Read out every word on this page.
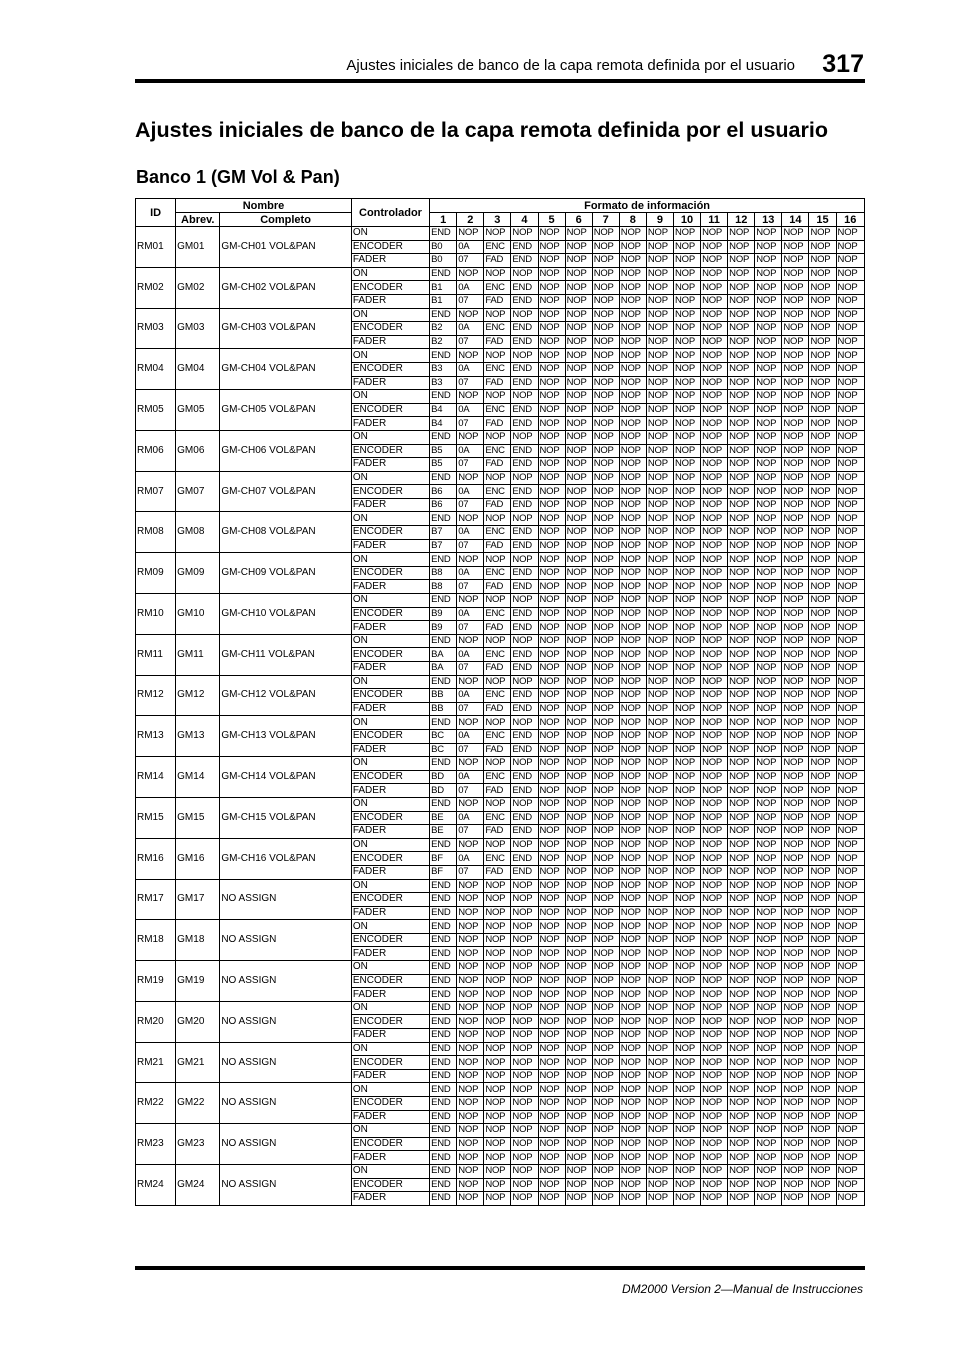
Ajustes iniciales de banco de la capa remota definida por el usuario	317
Ajustes iniciales de banco de la capa remota definida por el usuario
Banco 1 (GM Vol & Pan)
ID	Nombre		Controlador	Formato de información															
	Abrev.	Completo		1	2	3	4	5	6	7	8	9	10	11	12	13	14	15	16
RM01	GM01	GM-CH01 VOL&PAN	ON	END	NOP	NOP	NOP	NOP	NOP	NOP	NOP	NOP	NOP	NOP	NOP	NOP	NOP	NOP	NOP
			ENCODER	B0	0A	ENC	END	NOP	NOP	NOP	NOP	NOP	NOP	NOP	NOP	NOP	NOP	NOP	NOP
			FADER	B0	07	FAD	END	NOP	NOP	NOP	NOP	NOP	NOP	NOP	NOP	NOP	NOP	NOP	NOP
RM02	GM02	GM-CH02 VOL&PAN	ON	END	NOP	NOP	NOP	NOP	NOP	NOP	NOP	NOP	NOP	NOP	NOP	NOP	NOP	NOP	NOP
			ENCODER	B1	0A	ENC	END	NOP	NOP	NOP	NOP	NOP	NOP	NOP	NOP	NOP	NOP	NOP	NOP
			FADER	B1	07	FAD	END	NOP	NOP	NOP	NOP	NOP	NOP	NOP	NOP	NOP	NOP	NOP	NOP
RM03	GM03	GM-CH03 VOL&PAN	ON	END	NOP	NOP	NOP	NOP	NOP	NOP	NOP	NOP	NOP	NOP	NOP	NOP	NOP	NOP	NOP
			ENCODER	B2	0A	ENC	END	NOP	NOP	NOP	NOP	NOP	NOP	NOP	NOP	NOP	NOP	NOP	NOP
			FADER	B2	07	FAD	END	NOP	NOP	NOP	NOP	NOP	NOP	NOP	NOP	NOP	NOP	NOP	NOP
RM04	GM04	GM-CH04 VOL&PAN	ON	END	NOP	NOP	NOP	NOP	NOP	NOP	NOP	NOP	NOP	NOP	NOP	NOP	NOP	NOP	NOP
			ENCODER	B3	0A	ENC	END	NOP	NOP	NOP	NOP	NOP	NOP	NOP	NOP	NOP	NOP	NOP	NOP
			FADER	B3	07	FAD	END	NOP	NOP	NOP	NOP	NOP	NOP	NOP	NOP	NOP	NOP	NOP	NOP
RM05	GM05	GM-CH05 VOL&PAN	ON	END	NOP	NOP	NOP	NOP	NOP	NOP	NOP	NOP	NOP	NOP	NOP	NOP	NOP	NOP	NOP
			ENCODER	B4	0A	ENC	END	NOP	NOP	NOP	NOP	NOP	NOP	NOP	NOP	NOP	NOP	NOP	NOP
			FADER	B4	07	FAD	END	NOP	NOP	NOP	NOP	NOP	NOP	NOP	NOP	NOP	NOP	NOP	NOP
RM06	GM06	GM-CH06 VOL&PAN	ON	END	NOP	NOP	NOP	NOP	NOP	NOP	NOP	NOP	NOP	NOP	NOP	NOP	NOP	NOP	NOP
			ENCODER	B5	0A	ENC	END	NOP	NOP	NOP	NOP	NOP	NOP	NOP	NOP	NOP	NOP	NOP	NOP
			FADER	B5	07	FAD	END	NOP	NOP	NOP	NOP	NOP	NOP	NOP	NOP	NOP	NOP	NOP	NOP
RM07	GM07	GM-CH07 VOL&PAN	ON	END	NOP	NOP	NOP	NOP	NOP	NOP	NOP	NOP	NOP	NOP	NOP	NOP	NOP	NOP	NOP
			ENCODER	B6	0A	ENC	END	NOP	NOP	NOP	NOP	NOP	NOP	NOP	NOP	NOP	NOP	NOP	NOP
			FADER	B6	07	FAD	END	NOP	NOP	NOP	NOP	NOP	NOP	NOP	NOP	NOP	NOP	NOP	NOP
RM08	GM08	GM-CH08 VOL&PAN	ON	END	NOP	NOP	NOP	NOP	NOP	NOP	NOP	NOP	NOP	NOP	NOP	NOP	NOP	NOP	NOP
			ENCODER	B7	0A	ENC	END	NOP	NOP	NOP	NOP	NOP	NOP	NOP	NOP	NOP	NOP	NOP	NOP
			FADER	B7	07	FAD	END	NOP	NOP	NOP	NOP	NOP	NOP	NOP	NOP	NOP	NOP	NOP	NOP
RM09	GM09	GM-CH09 VOL&PAN	ON	END	NOP	NOP	NOP	NOP	NOP	NOP	NOP	NOP	NOP	NOP	NOP	NOP	NOP	NOP	NOP
			ENCODER	B8	0A	ENC	END	NOP	NOP	NOP	NOP	NOP	NOP	NOP	NOP	NOP	NOP	NOP	NOP
			FADER	B8	07	FAD	END	NOP	NOP	NOP	NOP	NOP	NOP	NOP	NOP	NOP	NOP	NOP	NOP
RM10	GM10	GM-CH10 VOL&PAN	ON	END	NOP	NOP	NOP	NOP	NOP	NOP	NOP	NOP	NOP	NOP	NOP	NOP	NOP	NOP	NOP
			ENCODER	B9	0A	ENC	END	NOP	NOP	NOP	NOP	NOP	NOP	NOP	NOP	NOP	NOP	NOP	NOP
			FADER	B9	07	FAD	END	NOP	NOP	NOP	NOP	NOP	NOP	NOP	NOP	NOP	NOP	NOP	NOP
RM11	GM11	GM-CH11 VOL&PAN	ON	END	NOP	NOP	NOP	NOP	NOP	NOP	NOP	NOP	NOP	NOP	NOP	NOP	NOP	NOP	NOP
			ENCODER	BA	0A	ENC	END	NOP	NOP	NOP	NOP	NOP	NOP	NOP	NOP	NOP	NOP	NOP	NOP
			FADER	BA	07	FAD	END	NOP	NOP	NOP	NOP	NOP	NOP	NOP	NOP	NOP	NOP	NOP	NOP
RM12	GM12	GM-CH12 VOL&PAN	ON	END	NOP	NOP	NOP	NOP	NOP	NOP	NOP	NOP	NOP	NOP	NOP	NOP	NOP	NOP	NOP
			ENCODER	BB	0A	ENC	END	NOP	NOP	NOP	NOP	NOP	NOP	NOP	NOP	NOP	NOP	NOP	NOP
			FADER	BB	07	FAD	END	NOP	NOP	NOP	NOP	NOP	NOP	NOP	NOP	NOP	NOP	NOP	NOP
RM13	GM13	GM-CH13 VOL&PAN	ON	END	NOP	NOP	NOP	NOP	NOP	NOP	NOP	NOP	NOP	NOP	NOP	NOP	NOP	NOP	NOP
			ENCODER	BC	0A	ENC	END	NOP	NOP	NOP	NOP	NOP	NOP	NOP	NOP	NOP	NOP	NOP	NOP
			FADER	BC	07	FAD	END	NOP	NOP	NOP	NOP	NOP	NOP	NOP	NOP	NOP	NOP	NOP	NOP
RM14	GM14	GM-CH14 VOL&PAN	ON	END	NOP	NOP	NOP	NOP	NOP	NOP	NOP	NOP	NOP	NOP	NOP	NOP	NOP	NOP	NOP
			ENCODER	BD	0A	ENC	END	NOP	NOP	NOP	NOP	NOP	NOP	NOP	NOP	NOP	NOP	NOP	NOP
			FADER	BD	07	FAD	END	NOP	NOP	NOP	NOP	NOP	NOP	NOP	NOP	NOP	NOP	NOP	NOP
RM15	GM15	GM-CH15 VOL&PAN	ON	END	NOP	NOP	NOP	NOP	NOP	NOP	NOP	NOP	NOP	NOP	NOP	NOP	NOP	NOP	NOP
			ENCODER	BE	0A	ENC	END	NOP	NOP	NOP	NOP	NOP	NOP	NOP	NOP	NOP	NOP	NOP	NOP
			FADER	BE	07	FAD	END	NOP	NOP	NOP	NOP	NOP	NOP	NOP	NOP	NOP	NOP	NOP	NOP
RM16	GM16	GM-CH16 VOL&PAN	ON	END	NOP	NOP	NOP	NOP	NOP	NOP	NOP	NOP	NOP	NOP	NOP	NOP	NOP	NOP	NOP
			ENCODER	BF	0A	ENC	END	NOP	NOP	NOP	NOP	NOP	NOP	NOP	NOP	NOP	NOP	NOP	NOP
			FADER	BF	07	FAD	END	NOP	NOP	NOP	NOP	NOP	NOP	NOP	NOP	NOP	NOP	NOP	NOP
RM17	GM17	NO ASSIGN	ON	END	NOP	NOP	NOP	NOP	NOP	NOP	NOP	NOP	NOP	NOP	NOP	NOP	NOP	NOP	NOP
			ENCODER	END	NOP	NOP	NOP	NOP	NOP	NOP	NOP	NOP	NOP	NOP	NOP	NOP	NOP	NOP	NOP
			FADER	END	NOP	NOP	NOP	NOP	NOP	NOP	NOP	NOP	NOP	NOP	NOP	NOP	NOP	NOP	NOP
RM18	GM18	NO ASSIGN	ON	END	NOP	NOP	NOP	NOP	NOP	NOP	NOP	NOP	NOP	NOP	NOP	NOP	NOP	NOP	NOP
			ENCODER	END	NOP	NOP	NOP	NOP	NOP	NOP	NOP	NOP	NOP	NOP	NOP	NOP	NOP	NOP	NOP
			FADER	END	NOP	NOP	NOP	NOP	NOP	NOP	NOP	NOP	NOP	NOP	NOP	NOP	NOP	NOP	NOP
RM19	GM19	NO ASSIGN	ON	END	NOP	NOP	NOP	NOP	NOP	NOP	NOP	NOP	NOP	NOP	NOP	NOP	NOP	NOP	NOP
			ENCODER	END	NOP	NOP	NOP	NOP	NOP	NOP	NOP	NOP	NOP	NOP	NOP	NOP	NOP	NOP	NOP
			FADER	END	NOP	NOP	NOP	NOP	NOP	NOP	NOP	NOP	NOP	NOP	NOP	NOP	NOP	NOP	NOP
RM20	GM20	NO ASSIGN	ON	END	NOP	NOP	NOP	NOP	NOP	NOP	NOP	NOP	NOP	NOP	NOP	NOP	NOP	NOP	NOP
			ENCODER	END	NOP	NOP	NOP	NOP	NOP	NOP	NOP	NOP	NOP	NOP	NOP	NOP	NOP	NOP	NOP
			FADER	END	NOP	NOP	NOP	NOP	NOP	NOP	NOP	NOP	NOP	NOP	NOP	NOP	NOP	NOP	NOP
RM21	GM21	NO ASSIGN	ON	END	NOP	NOP	NOP	NOP	NOP	NOP	NOP	NOP	NOP	NOP	NOP	NOP	NOP	NOP	NOP
			ENCODER	END	NOP	NOP	NOP	NOP	NOP	NOP	NOP	NOP	NOP	NOP	NOP	NOP	NOP	NOP	NOP
			FADER	END	NOP	NOP	NOP	NOP	NOP	NOP	NOP	NOP	NOP	NOP	NOP	NOP	NOP	NOP	NOP
RM22	GM22	NO ASSIGN	ON	END	NOP	NOP	NOP	NOP	NOP	NOP	NOP	NOP	NOP	NOP	NOP	NOP	NOP	NOP	NOP
			ENCODER	END	NOP	NOP	NOP	NOP	NOP	NOP	NOP	NOP	NOP	NOP	NOP	NOP	NOP	NOP	NOP
			FADER	END	NOP	NOP	NOP	NOP	NOP	NOP	NOP	NOP	NOP	NOP	NOP	NOP	NOP	NOP	NOP
RM23	GM23	NO ASSIGN	ON	END	NOP	NOP	NOP	NOP	NOP	NOP	NOP	NOP	NOP	NOP	NOP	NOP	NOP	NOP	NOP
			ENCODER	END	NOP	NOP	NOP	NOP	NOP	NOP	NOP	NOP	NOP	NOP	NOP	NOP	NOP	NOP	NOP
			FADER	END	NOP	NOP	NOP	NOP	NOP	NOP	NOP	NOP	NOP	NOP	NOP	NOP	NOP	NOP	NOP
RM24	GM24	NO ASSIGN	ON	END	NOP	NOP	NOP	NOP	NOP	NOP	NOP	NOP	NOP	NOP	NOP	NOP	NOP	NOP	NOP
			ENCODER	END	NOP	NOP	NOP	NOP	NOP	NOP	NOP	NOP	NOP	NOP	NOP	NOP	NOP	NOP	NOP
			FADER	END	NOP	NOP	NOP	NOP	NOP	NOP	NOP	NOP	NOP	NOP	NOP	NOP	NOP	NOP	NOP
DM2000 Version 2—Manual de Instrucciones
